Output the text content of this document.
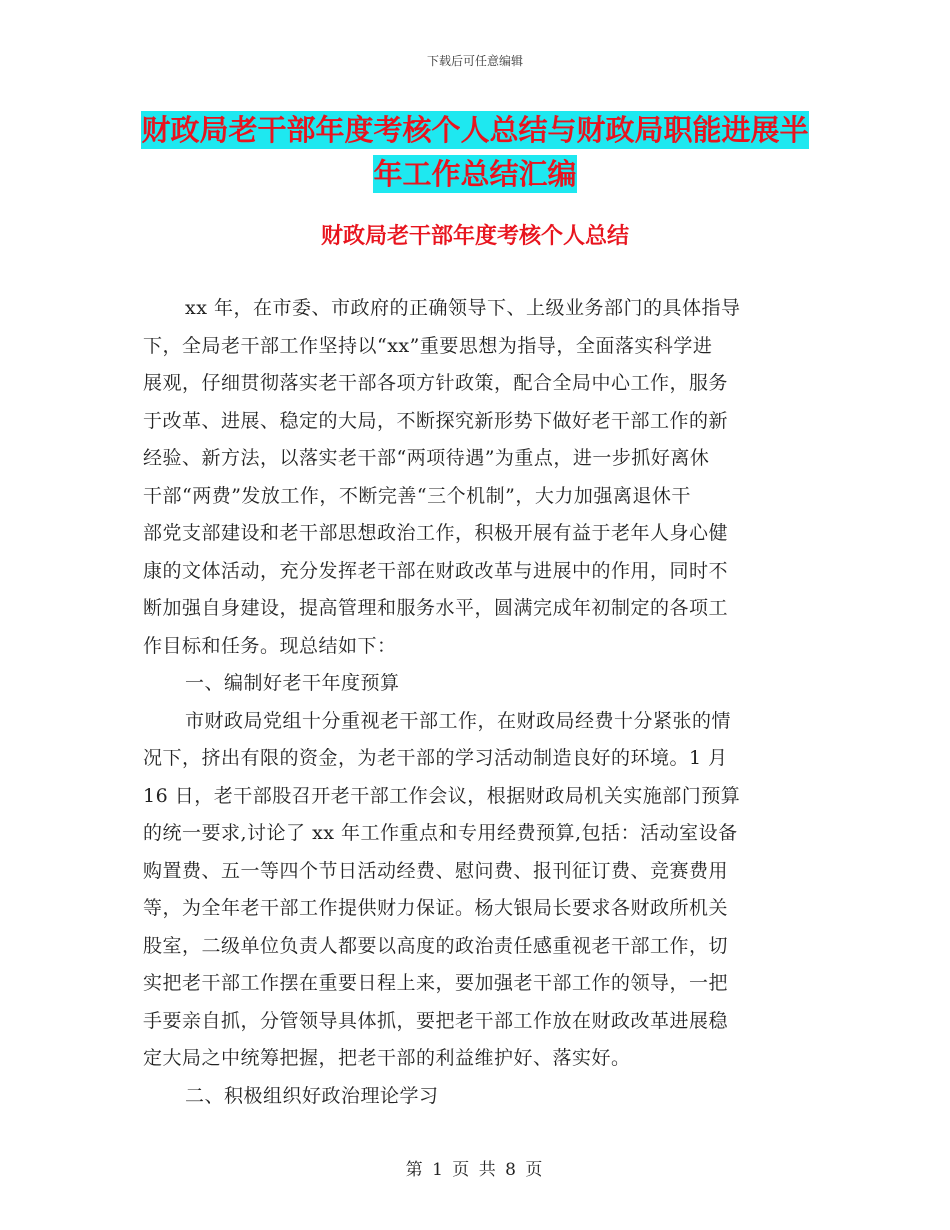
下载后可任意编辑
财政局老干部年度考核个人总结与财政局职能进展半
年工作总结汇编
财政局老干部年度考核个人总结
xx 年，在市委、市政府的正确领导下、上级业务部门的具体指导
下，全局老干部工作坚持以“xx”重要思想为指导，全面落实科学进
展观，仔细贯彻落实老干部各项方针政策，配合全局中心工作，服务
于改革、进展、稳定的大局，不断探究新形势下做好老干部工作的新
经验、新方法，以落实老干部“两项待遇”为重点，进一步抓好离休
干部“两费”发放工作，不断完善“三个机制”，大力加强离退休干
部党支部建设和老干部思想政治工作，积极开展有益于老年人身心健
康的文体活动，充分发挥老干部在财政改革与进展中的作用，同时不
断加强自身建设，提高管理和服务水平，圆满完成年初制定的各项工
作目标和任务。现总结如下：
一、编制好老干年度预算
市财政局党组十分重视老干部工作，在财政局经费十分紧张的情
况下，挤出有限的资金，为老干部的学习活动制造良好的环境。1 月
16 日，老干部股召开老干部工作会议，根据财政局机关实施部门预算
的统一要求,讨论了 xx 年工作重点和专用经费预算,包括：活动室设备
购置费、五一等四个节日活动经费、慰问费、报刊征订费、竞赛费用
等，为全年老干部工作提供财力保证。杨大银局长要求各财政所机关
股室，二级单位负责人都要以高度的政治责任感重视老干部工作，切
实把老干部工作摆在重要日程上来，要加强老干部工作的领导，一把
手要亲自抓，分管领导具体抓，要把老干部工作放在财政改革进展稳
定大局之中统筹把握，把老干部的利益维护好、落实好。
二、积极组织好政治理论学习
第 1 页 共 8 页
